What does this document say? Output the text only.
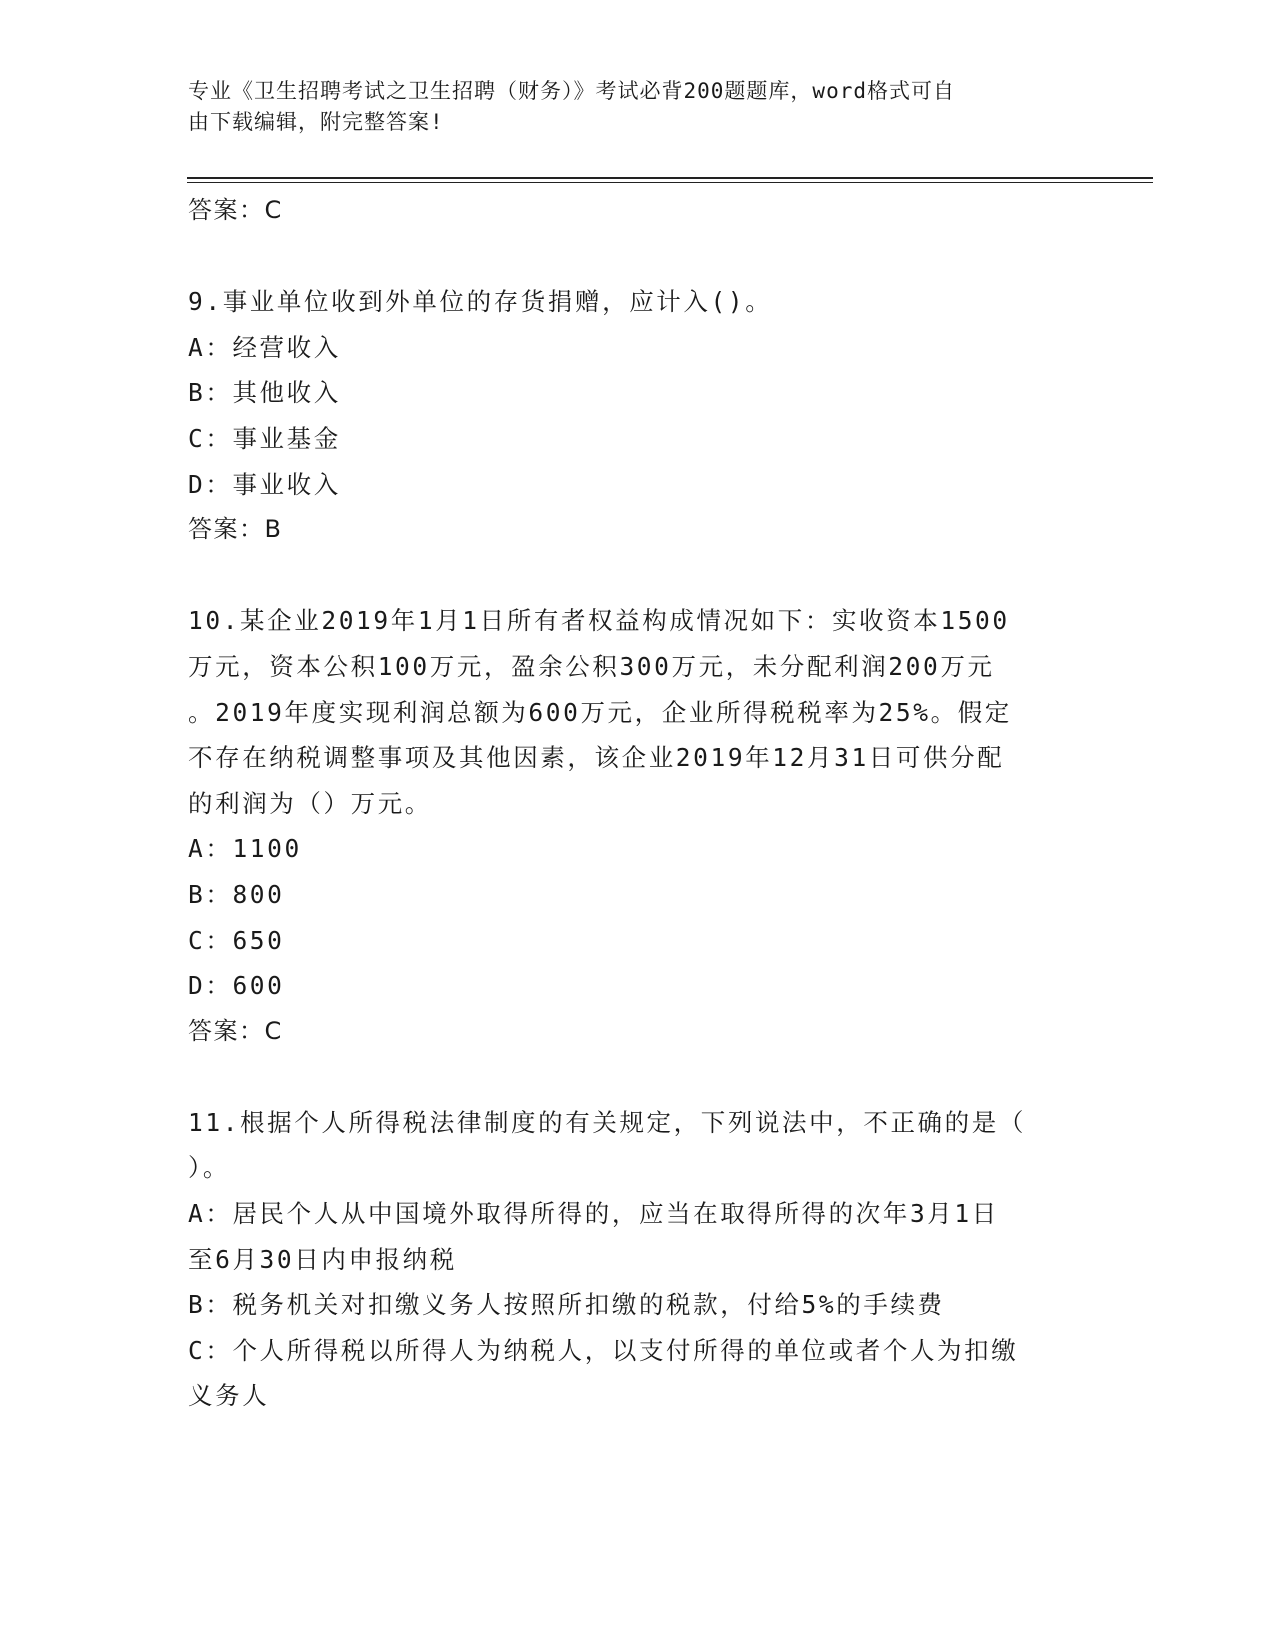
专业《卫生招聘考试之卫生招聘（财务）》考试必背200题题库，word格式可自
由下载编辑，附完整答案!
答案：C
9.事业单位收到外单位的存货捐赠，应计入()。
A：经营收入
B：其他收入
C：事业基金
D：事业收入
答案：B
10.某企业2019年1月1日所有者权益构成情况如下：实收资本1500
万元，资本公积100万元，盈余公积300万元，未分配利润200万元
。2019年度实现利润总额为600万元，企业所得税税率为25%。假定
不存在纳税调整事项及其他因素，该企业2019年12月31日可供分配
的利润为（）万元。
A：1100
B：800
C：650
D：600
答案：C
11.根据个人所得税法律制度的有关规定，下列说法中，不正确的是（
）。
A：居民个人从中国境外取得所得的，应当在取得所得的次年3月1日
至6月30日内申报纳税
B：税务机关对扣缴义务人按照所扣缴的税款，付给5%的手续费
C：个人所得税以所得人为纳税人，以支付所得的单位或者个人为扣缴
义务人
